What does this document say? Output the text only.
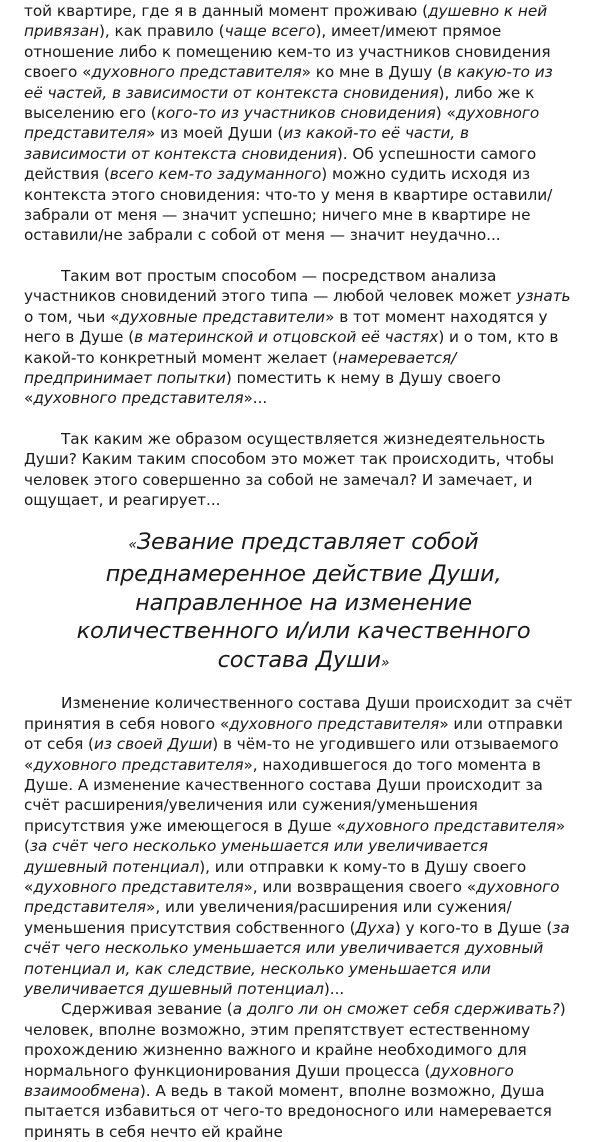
той квартире, где я в данный момент проживаю (душевно к ней привязан), как правило (чаще всего), имеет/имеют прямое отношение либо к помещению кем-то из участников сновидения своего «духовного представителя» ко мне в Душу (в какую-то из её частей, в зависимости от контекста сновидения), либо же к выселению его (кого-то из участников сновидения) «духовного представителя» из моей Души (из какой-то её части, в зависимости от контекста сновидения). Об успешности самого действия (всего кем-то задуманного) можно судить исходя из контекста этого сновидения: что-то у меня в квартире оставили/забрали от меня — значит успешно; ничего мне в квартире не оставили/не забрали с собой от меня — значит неудачно...

Таким вот простым способом — посредством анализа участников сновидений этого типа — любой человек может узнать о том, чьи «духовные представители» в тот момент находятся у него в Душе (в материнской и отцовской её частях) и о том, кто в какой-то конкретный момент желает (намеревается/предпринимает попытки) поместить к нему в Душу своего «духовного представителя»...

Так каким же образом осуществляется жизнедеятельность Души? Каким таким способом это может так происходить, чтобы человек этого совершенно за собой не замечал? И замечает, и ощущает, и реагирует...

«Зевание представляет собой преднамеренное действие Души, направленное на изменение количественного и/или качественного состава Души»

Изменение количественного состава Души происходит за счёт принятия в себя нового «духовного представителя» или отправки от себя (из своей Души) в чём-то не угодившего или отзываемого «духовного представителя», находившегося до того момента в Душе. А изменение качественного состава Души происходит за счёт расширения/увеличения или сужения/уменьшения присутствия уже имеющегося в Душе «духовного представителя» (за счёт чего несколько уменьшается или увеличивается душевный потенциал), или отправки к кому-то в Душу своего «духовного представителя», или возвращения своего «духовного представителя», или увеличения/расширения или сужения/уменьшения присутствия собственного (Духа) у кого-то в Душе (за счёт чего несколько уменьшается или увеличивается духовный потенциал и, как следствие, несколько уменьшается или увеличивается душевный потенциал)...

Сдерживая зевание (а долго ли он сможет себя сдерживать?) человек, вполне возможно, этим препятствует естественному прохождению жизненно важного и крайне необходимого для нормального функционирования Души процесса (духовного взаимообмена). А ведь в такой момент, вполне возможно, Душа пытается избавиться от чего-то вредоносного или намеревается принять в себя нечто ей крайне
